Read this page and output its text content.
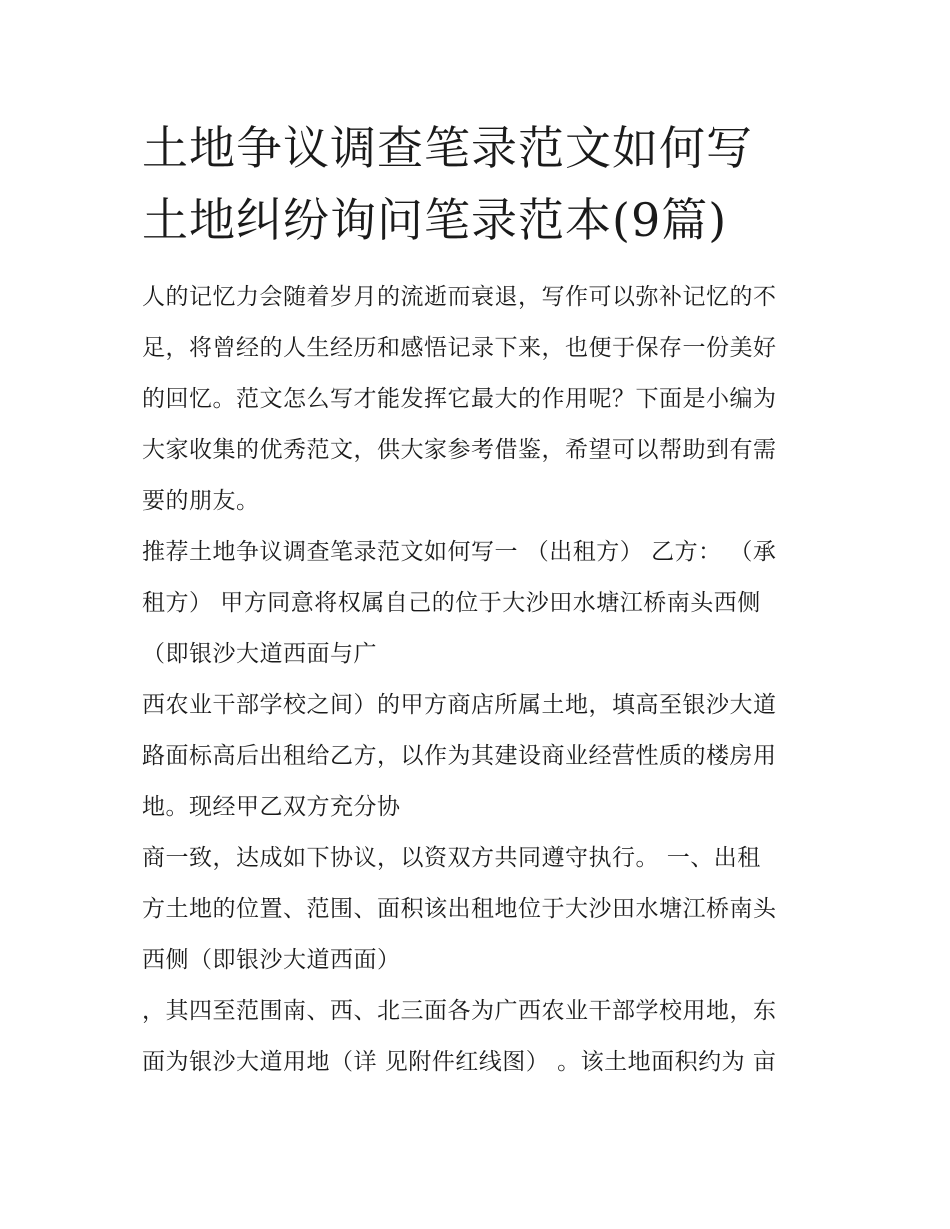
土地争议调查笔录范文如何写

土地纠纷询问笔录范本(9篇)

人的记忆力会随着岁月的流逝而衰退，写作可以弥补记忆的不

足，将曾经的人生经历和感悟记录下来，也便于保存一份美好

的回忆。范文怎么写才能发挥它最大的作用呢？下面是小编为

大家收集的优秀范文，供大家参考借鉴，希望可以帮助到有需

要的朋友。

推荐土地争议调查笔录范文如何写一 （出租方） 乙方： （承

租方） 甲方同意将权属自己的位于大沙田水塘江桥南头西侧

（即银沙大道西面与广

西农业干部学校之间）的甲方商店所属土地，填高至银沙大道

路面标高后出租给乙方，以作为其建设商业经营性质的楼房用

地。现经甲乙双方充分协

商一致，达成如下协议，以资双方共同遵守执行。 一、出租

方土地的位置、范围、面积该出租地位于大沙田水塘江桥南头

西侧（即银沙大道西面）

，其四至范围南、西、北三面各为广西农业干部学校用地，东

面为银沙大道用地（详 见附件红线图） 。该土地面积约为 亩
